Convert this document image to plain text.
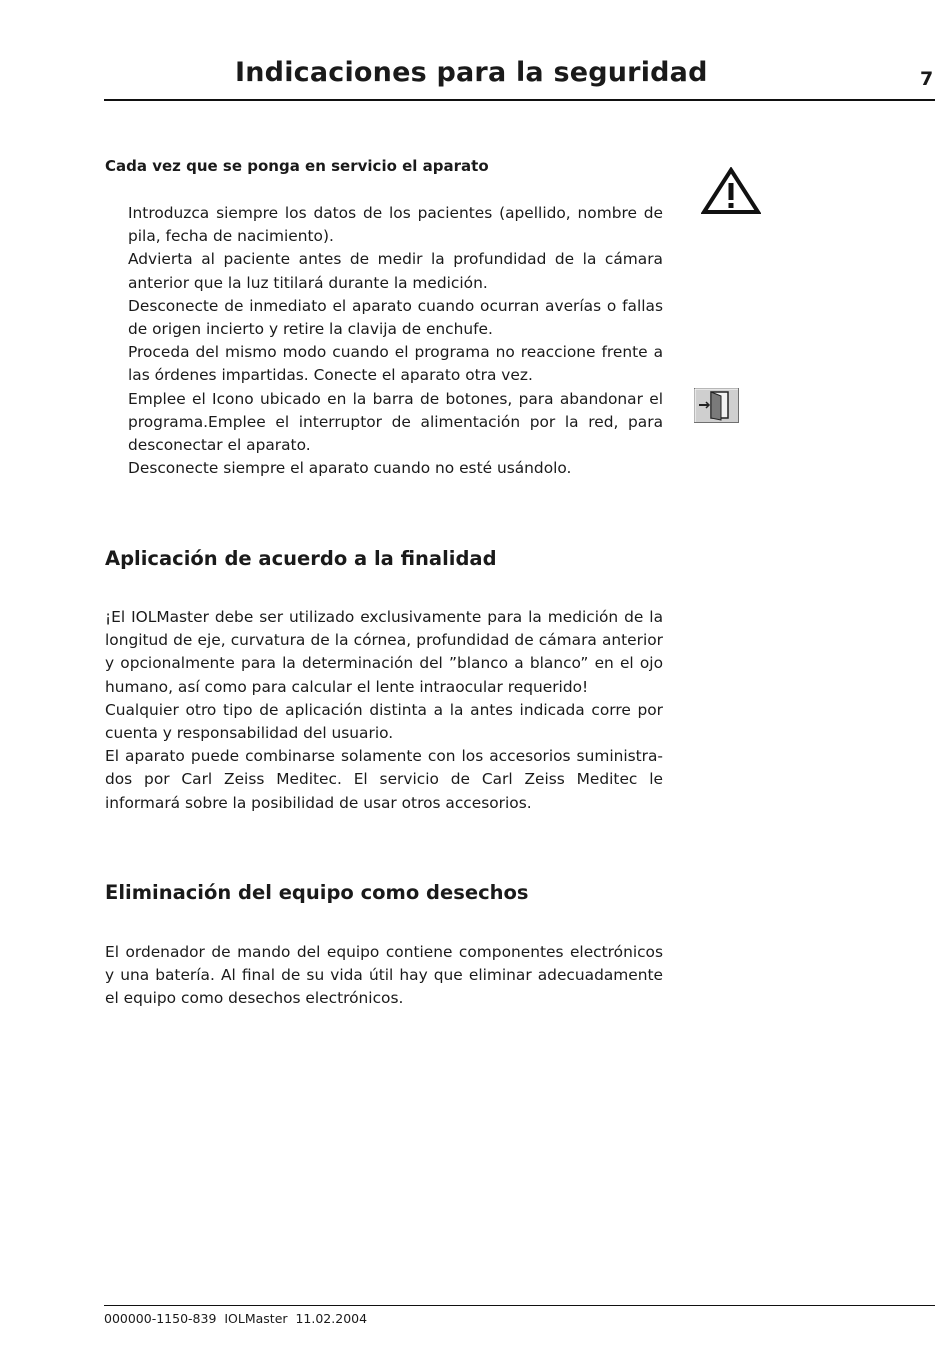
Indicaciones para la seguridad	7
Cada vez que se ponga en servicio el aparato

Introduzca siempre los datos de los pacientes (apellido, nombre de pila, fecha de nacimiento).

Advierta al paciente antes de medir la profundidad de la cámara anterior que la luz titilará durante la medición.

Desconecte de inmediato el aparato cuando ocurran averías o fallas de origen incierto y retire la clavija de enchufe.

Proceda del mismo modo cuando el programa no reaccione frente a las órdenes impartidas. Conecte el aparato otra vez.

Emplee el Icono ubicado en la barra de botones, para abandonar el programa.Emplee el interruptor de alimentación por la red, para desconectar el aparato.

Desconecte siempre el aparato cuando no esté usándolo.

Aplicación de acuerdo a la finalidad

¡El IOLMaster debe ser utilizado exclusivamente para la medición de la longitud de eje, curvatura de la córnea, profundidad de cámara anterior y opcionalmente para la determinación del ”blanco a blanco” en el ojo humano, así como para calcular el lente intraocular requerido!

Cualquier otro tipo de aplicación distinta a la antes indicada corre por cuenta y responsabilidad del usuario.

El aparato puede combinarse solamente con los accesorios suministra-dos por Carl Zeiss Meditec. El servicio de Carl Zeiss Meditec le informará sobre la posibilidad de usar otros accesorios.

Eliminación del equipo como desechos

El ordenador de mando del equipo contiene componentes electrónicos y una batería. Al final de su vida útil hay que eliminar adecuadamente el equipo como desechos electrónicos.

000000-1150-839  IOLMaster  11.02.2004
